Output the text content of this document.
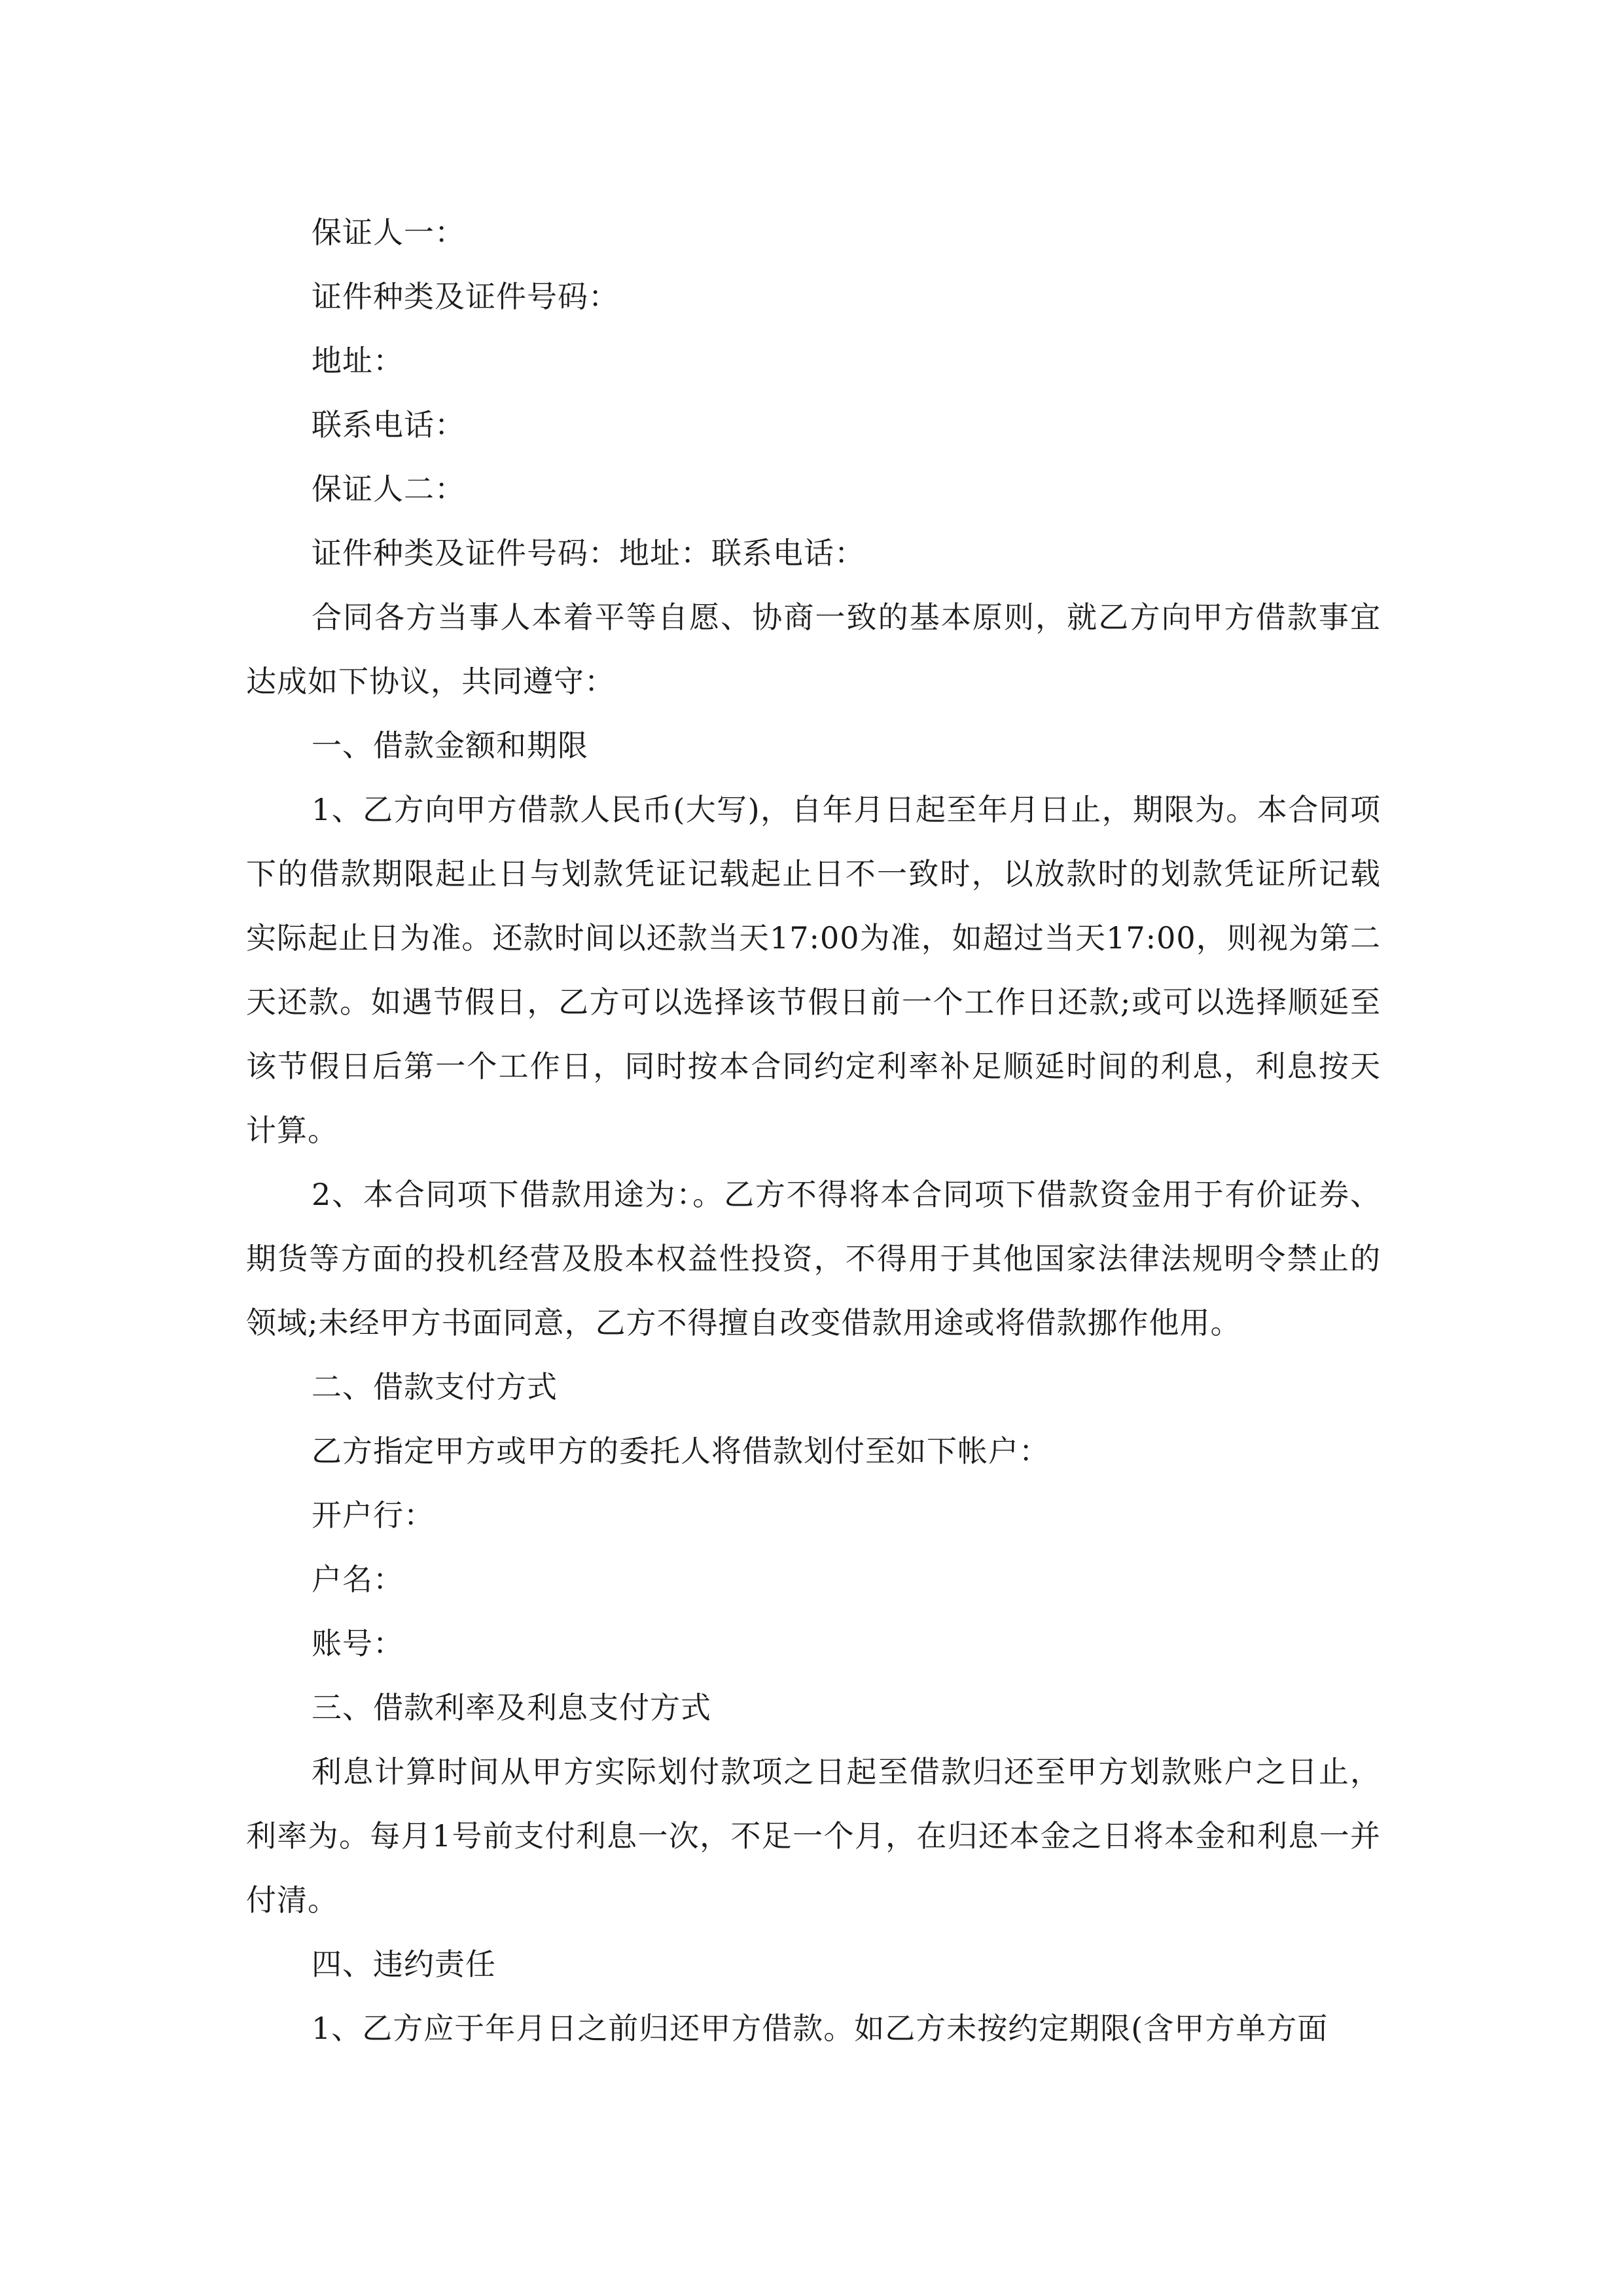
保证人一：

证件种类及证件号码：

地址：

联系电话：

保证人二：

证件种类及证件号码：地址：联系电话：

合同各方当事人本着平等自愿、协商一致的基本原则，就乙方向甲方借款事宜达成如下协议，共同遵守：

一、借款金额和期限

1、乙方向甲方借款人民币(大写)，自年月日起至年月日止，期限为。本合同项下的借款期限起止日与划款凭证记载起止日不一致时，以放款时的划款凭证所记载实际起止日为准。还款时间以还款当天17:00为准，如超过当天17:00，则视为第二天还款。如遇节假日，乙方可以选择该节假日前一个工作日还款;或可以选择顺延至该节假日后第一个工作日，同时按本合同约定利率补足顺延时间的利息，利息按天计算。

2、本合同项下借款用途为：。乙方不得将本合同项下借款资金用于有价证券、期货等方面的投机经营及股本权益性投资，不得用于其他国家法律法规明令禁止的领域;未经甲方书面同意，乙方不得擅自改变借款用途或将借款挪作他用。

二、借款支付方式

乙方指定甲方或甲方的委托人将借款划付至如下帐户：

开户行：

户名：

账号：

三、借款利率及利息支付方式

利息计算时间从甲方实际划付款项之日起至借款归还至甲方划款账户之日止，利率为。每月1号前支付利息一次，不足一个月，在归还本金之日将本金和利息一并付清。

四、违约责任

1、乙方应于年月日之前归还甲方借款。如乙方未按约定期限(含甲方单方面
